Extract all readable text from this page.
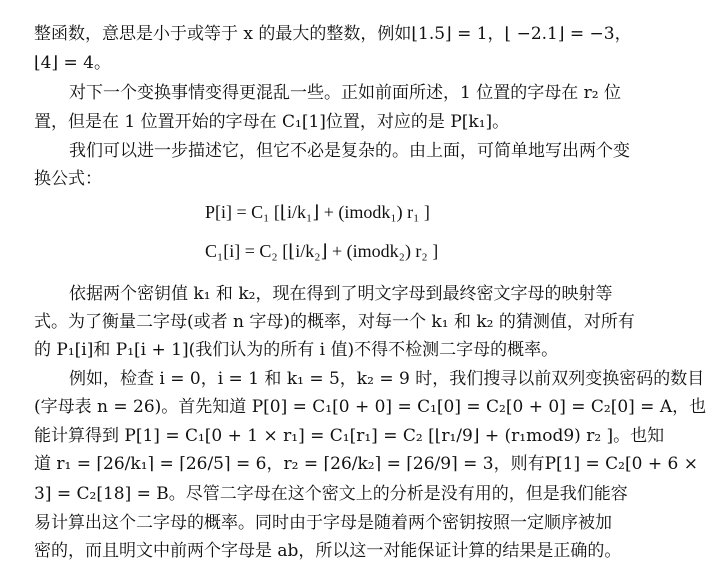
整函数，意思是小于或等于 x 的最大的整数，例如⌊1.5⌋ = 1，⌊ −2.1⌋ = −3，
⌊4⌋ = 4。
对下一个变换事情变得更混乱一些。正如前面所述，1 位置的字母在 r₂ 位
置，但是在 1 位置开始的字母在 C₁[1]位置，对应的是 P[k₁]。
我们可以进一步描述它，但它不必是复杂的。由上面，可简单地写出两个变
换公式：
P[i] = C₁ [⌊i/k₁⌋ + (imodk₁) r₁ ]
C₁[i] = C₂ [⌊i/k₂⌋ + (imodk₂) r₂ ]
依据两个密钥值 k₁ 和 k₂，现在得到了明文字母到最终密文字母的映射等
式。为了衡量二字母(或者 n 字母)的概率，对每一个 k₁ 和 k₂ 的猜测值，对所有
的 P₁[i]和 P₁[i + 1](我们认为的所有 i 值)不得不检测二字母的概率。
例如，检查 i = 0，i = 1 和 k₁ = 5，k₂ = 9 时，我们搜寻以前双列变换密码的数目
(字母表 n = 26)。首先知道 P[0] = C₁[0 + 0] = C₁[0] = C₂[0 + 0] = C₂[0] = A，也
能计算得到 P[1] = C₁[0 + 1 × r₁] = C₁[r₁] = C₂ [⌊r₁/9⌋ + (r₁mod9) r₂ ]。也知
道 r₁ = ⌈26/k₁⌉ = ⌈26/5⌉ = 6，r₂ = ⌈26/k₂⌉ = ⌈26/9⌉ = 3，则有P[1] = C₂[0 + 6 ×
3] = C₂[18] = B。尽管二字母在这个密文上的分析是没有用的，但是我们能容
易计算出这个二字母的概率。同时由于字母是随着两个密钥按照一定顺序被加
密的，而且明文中前两个字母是 ab，所以这一对能保证计算的结果是正确的。
